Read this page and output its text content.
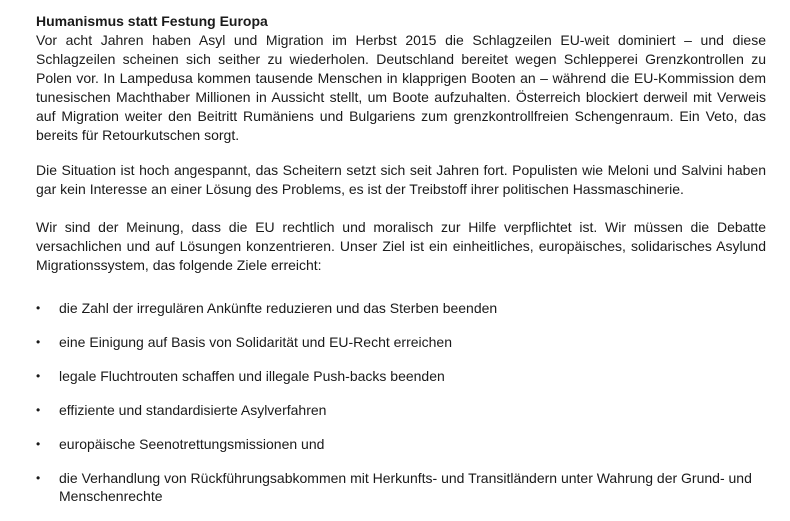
Humanismus statt Festung Europa

Vor acht Jahren haben Asyl und Migration im Herbst 2015 die Schlagzeilen EU-weit dominiert – und diese Schlagzeilen scheinen sich seither zu wiederholen. Deutschland bereitet wegen Schlepperei Grenzkontrollen zu Polen vor. In Lampedusa kommen tausende Menschen in klapprigen Booten an – während die EU-Kommission dem tunesischen Machthaber Millionen in Aussicht stellt, um Boote aufzuhalten. Österreich blockiert derweil mit Verweis auf Migration weiter den Beitritt Rumäniens und Bulgariens zum grenzkontrollfreien Schengenraum. Ein Veto, das bereits für Retourkutschen sorgt.

Die Situation ist hoch angespannt, das Scheitern setzt sich seit Jahren fort. Populisten wie Meloni und Salvini haben gar kein Interesse an einer Lösung des Problems, es ist der Treibstoff ihrer politischen Hassmaschinerie.

Wir sind der Meinung, dass die EU rechtlich und moralisch zur Hilfe verpflichtet ist. Wir müssen die Debatte versachlichen und auf Lösungen konzentrieren. Unser Ziel ist ein einheitliches, europäisches, solidarisches Asylund Migrationssystem, das folgende Ziele erreicht:

• die Zahl der irregulären Ankünfte reduzieren und das Sterben beenden
• eine Einigung auf Basis von Solidarität und EU-Recht erreichen
• legale Fluchtrouten schaffen und illegale Push-backs beenden
• effiziente und standardisierte Asylverfahren
• europäische Seenotrettungsmissionen und
• die Verhandlung von Rückführungsabkommen mit Herkunfts- und Transitländern unter Wahrung der Grund- und Menschenrechte
